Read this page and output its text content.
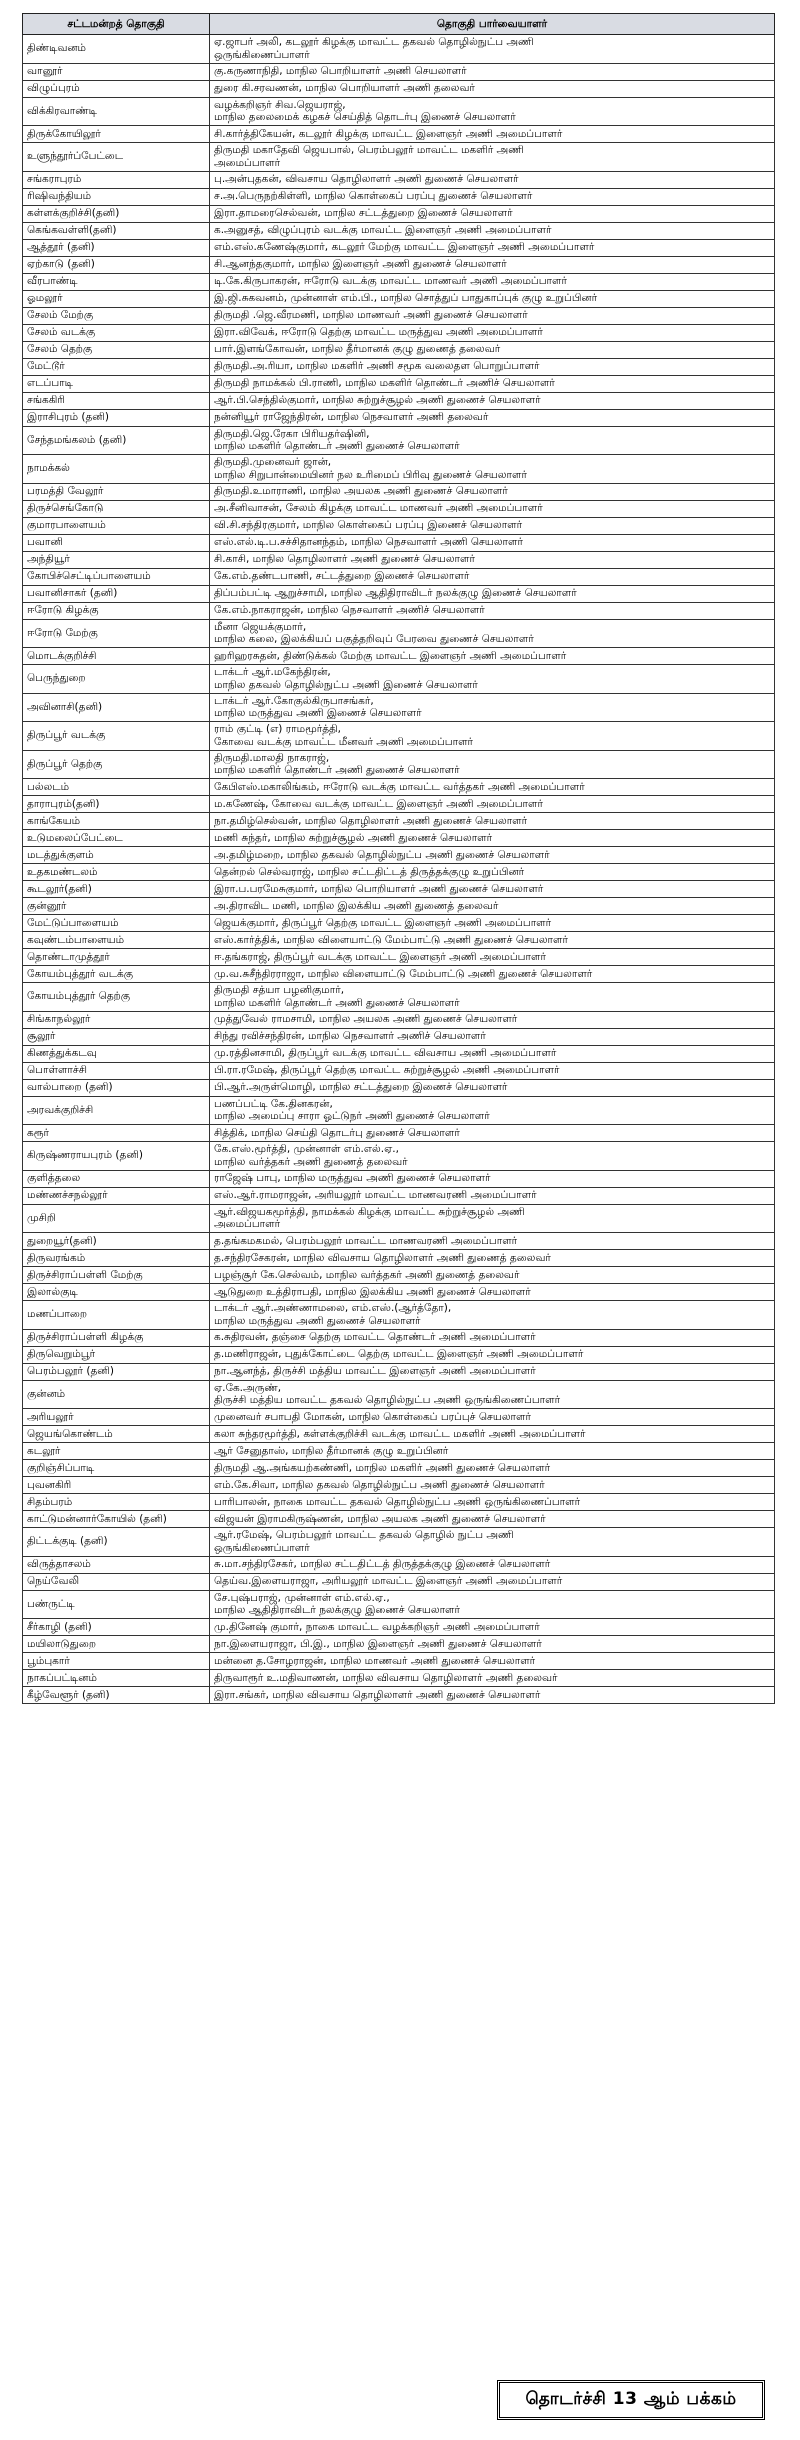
சட்டமன்றத் தொகுதி	தொகுதி பார்வையாளர்
திண்டிவனம்	ஏ.ஜாபர் அலி, கடலூர் கிழக்கு மாவட்ட தகவல் தொழில்நுட்ப அணி
ஒருங்கிணைப்பாளர்

வானூர்	கு.கருணாநிதி, மாநில பொறியாளர் அணி செயலாளர்

விழுப்புரம்	துரை கி.சரவணன், மாநில பொறியாளர் அணி தலைவர்

விக்கிரவாண்டி	வழக்கறிஞர் சிவ.ஜெயராஜ்,
மாநில தலைமைக் கழகச் செய்தித் தொடர்பு இணைச் செயலாளர்

திருக்கோயிலூர்	சி.கார்த்திகேயன், கடலூர் கிழக்கு மாவட்ட இளைஞர் அணி அமைப்பாளர்

உளுந்தூர்ப்பேட்டை	திருமதி மகாதேவி ஜெயபால், பெரம்பலூர் மாவட்ட மகளிர் அணி
அமைப்பாளர்

சங்கராபுரம்	பு.அன்புதகன், விவசாய தொழிலாளர் அணி துணைச் செயலாளர்

ரிஷிவந்தியம்	ச.அ.பெருநற்கிள்ளி, மாநில கொள்கைப் பரப்பு துணைச் செயலாளர்

கள்ளக்குறிச்சி(தனி)	இரா.தாமரைசெல்வன், மாநில சட்டத்துறை இணைச் செயலாளர்

கெங்கவள்ளி(தனி)	க.அனுசத், விழுப்புரம் வடக்கு மாவட்ட இளைஞர் அணி அமைப்பாளர்

ஆத்தூர் (தனி)	எம்.எஸ்.கணேஷ்குமார், கடலூர் மேற்கு மாவட்ட இளைஞர் அணி அமைப்பாளர்

ஏற்காடு (தனி)	சி.ஆனந்தகுமார், மாநில இளைஞர் அணி துணைச் செயலாளர்

வீரபாண்டி	டி.கே.கிருபாகரன், ஈரோடு வடக்கு மாவட்ட மாணவர் அணி அமைப்பாளர்

ஓமலூர்	இ.ஜி.சுகவனம், முன்னாள் எம்.பி., மாநில சொத்துப் பாதுகாப்புக் குழு உறுப்பினர்

சேலம் மேற்கு	திருமதி .ஜெ.வீரமணி, மாநில மாணவர் அணி துணைச் செயலாளர்

சேலம் வடக்கு	இரா.விவேக், ஈரோடு தெற்கு மாவட்ட மருத்துவ அணி அமைப்பாளர்

சேலம் தெற்கு	பார்.இளங்கோவன், மாநில தீர்மானக் குழு துணைத் தலைவர்

மேட்டூர்	திருமதி.அ.ரியா, மாநில மகளிர் அணி சமூக வலைதள பொறுப்பாளர்

எடப்பாடி	திருமதி நாமக்கல் பி.ராணி, மாநில மகளிர் தொண்டர் அணிச் செயலாளர்

சங்ககிரி	ஆர்.பி.செந்தில்குமார், மாநில சுற்றுச்சூழல் அணி துணைச் செயலாளர்

இராசிபுரம் (தனி)	நன்னியூர் ராஜேந்திரன், மாநில நெசவாளர் அணி தலைவர்

சேந்தமங்கலம் (தனி)	திருமதி.ஜெ.ரேகா பிரியதர்ஷினி,
மாநில மகளிர் தொண்டர் அணி துணைச் செயலாளர்

நாமக்கல்	திருமதி.முனைவர் ஜான்,
மாநில சிறுபான்மையினர் நல உரிமைப் பிரிவு துணைச் செயலாளர்

பரமத்தி வேலூர்	திருமதி.உமாராணி, மாநில அயலக அணி துணைச் செயலாளர்

திருச்செங்கோடு	அ.சீனிவாசன், சேலம் கிழக்கு மாவட்ட மாணவர் அணி அமைப்பாளர்

குமாரபாளையம்	வி.சி.சந்திரகுமார், மாநில கொள்கைப் பரப்பு இணைச் செயலாளர்

பவானி	எஸ்.எல்.டி.ப.சச்சிதானந்தம், மாநில நெசவாளர் அணி செயலாளர்

அந்தியூர்	சி.காசி, மாநில தொழிலாளர் அணி துணைச் செயலாளர்

கோபிச்செட்டிப்பாளையம்	கே.எம்.தண்டபாணி, சட்டத்துறை இணைச் செயலாளர்

பவானிசாகர் (தனி)	திப்பம்பட்டி ஆறுச்சாமி, மாநில ஆதிதிராவிடர் நலக்குழு இணைச் செயலாளர்

ஈரோடு கிழக்கு	கே.எம்.நாகராஜன், மாநில நெசவாளர் அணிச் செயலாளர்

ஈரோடு மேற்கு	மீனா ஜெயக்குமார்,
மாநில கலை, இலக்கியப் பகுத்தறிவுப் பேரவை துணைச் செயலாளர்

மொடக்குறிச்சி	ஹரிஹரசுதன், திண்டுக்கல் மேற்கு மாவட்ட இளைஞர் அணி அமைப்பாளர்

பெருந்துறை	டாக்டர் ஆர்.மகேந்திரன்,
மாநில தகவல் தொழில்நுட்ப அணி இணைச் செயலாளர்

அவினாசி(தனி)	டாக்டர் ஆர்.கோகுல்கிருபாசங்கர்,
மாநில மருத்துவ அணி இணைச் செயலாளர்

திருப்பூர் வடக்கு	ராம் குட்டி (எ) ராமமூர்த்தி,
கோவை வடக்கு மாவட்ட மீனவர் அணி அமைப்பாளர்

திருப்பூர் தெற்கு	திருமதி.மாலதி நாகராஜ்,
மாநில மகளிர் தொண்டர் அணி துணைச் செயலாளர்

பல்லடம்	கேபிஎஸ்.மகாலிங்கம், ஈரோடு வடக்கு மாவட்ட வர்த்தகர் அணி அமைப்பாளர்

தாராபுரம்(தனி)	ம.கணேஷ், கோவை வடக்கு மாவட்ட இளைஞர் அணி அமைப்பாளர்

காங்கேயம்	நா.தமிழ்செல்வன், மாநில தொழிலாளர் அணி துணைச் செயலாளர்

உடுமலைப்பேட்டை	மணி சுந்தர், மாநில சுற்றுச்சூழல் அணி துணைச் செயலாளர்

மடத்துக்குளம்	அ.தமிழ்மறை, மாநில தகவல் தொழில்நுட்ப அணி துணைச் செயலாளர்

உதகமண்டலம்	தென்றல் செல்வராஜ், மாநில சட்டதிட்டத் திருத்தக்குழு உறுப்பினர்

கூடலூர்(தனி)	இரா.ப.பரமேசுகுமார், மாநில பொறியாளர் அணி துணைச் செயலாளர்

குன்னூர்	அ.திராவிட மணி, மாநில இலக்கிய அணி துணைத் தலைவர்

மேட்டுப்பாளையம்	ஜெயக்குமார், திருப்பூர் தெற்கு மாவட்ட இளைஞர் அணி அமைப்பாளர்

கவுண்டம்பாளையம்	எஸ்.கார்த்திக், மாநில விளையாட்டு மேம்பாட்டு அணி துணைச் செயலாளர்

தொண்டாமுத்தூர்	ஈ.தங்கராஜ், திருப்பூர் வடக்கு மாவட்ட இளைஞர் அணி அமைப்பாளர்

கோயம்புத்தூர் வடக்கு	மு.வ.சுசீந்திரராஜா, மாநில விளையாட்டு மேம்பாட்டு அணி துணைச் செயலாளர்

கோயம்புத்தூர் தெற்கு	திருமதி சத்யா பழனிகுமார்,
மாநில மகளிர் தொண்டர் அணி துணைச் செயலாளர்

சிங்காநல்லூர்	முத்துவேல் ராமசாமி, மாநில அயலக அணி துணைச் செயலாளர்

சூலூர்	சிந்து ரவிச்சந்திரன், மாநில நெசவாளர் அணிச் செயலாளர்

கிணத்துக்கடவு	மு.ரத்தினசாமி, திருப்பூர் வடக்கு மாவட்ட விவசாய அணி அமைப்பாளர்

பொள்ளாச்சி	பி.ரா.ரமேஷ், திருப்பூர் தெற்கு மாவட்ட சுற்றுச்சூழல் அணி அமைப்பாளர்

வால்பாறை (தனி)	பி.ஆர்.அருள்மொழி, மாநில சட்டத்துறை இணைச் செயலாளர்

அரவக்குறிச்சி	பணப்பட்டி கே.தினகரன்,
மாநில அமைப்பு சாரா ஓட்டுநர் அணி துணைச் செயலாளர்

கரூர்	சித்திக், மாநில செய்தி தொடர்பு துணைச் செயலாளர்

கிருஷ்ணராயபுரம் (தனி)	கே.எஸ்.மூர்த்தி, முன்னாள் எம்.எல்.ஏ.,
மாநில வர்த்தகர் அணி துணைத் தலைவர்

குளித்தலை	ராஜேஷ் பாபு, மாநில மருத்துவ அணி துணைச் செயலாளர்

மண்ணச்சநல்லூர்	எஸ்.ஆர்.ராமராஜன், அரியலூர் மாவட்ட மாணவரணி அமைப்பாளர்

முசிறி	ஆர்.விஜயகமூர்த்தி, நாமக்கல் கிழக்கு மாவட்ட சுற்றுச்சூழல் அணி
அமைப்பாளர்

துறையூர்(தனி)	த.தங்கமகமல், பெரம்பலூர் மாவட்ட மாணவரணி அமைப்பாளர்

திருவரங்கம்	த.சந்திரசேகரன், மாநில விவசாய தொழிலாளர் அணி துணைத் தலைவர்

திருச்சிராப்பள்ளி மேற்கு	பழஞ்சூர் கே.செல்வம், மாநில வர்த்தகர் அணி துணைத் தலைவர்

இலால்குடி	ஆடுதுறை உத்திராபதி, மாநில இலக்கிய அணி துணைச் செயலாளர்

மணப்பாறை	டாக்டர் ஆர்.அண்ணாமலை, எம்.எஸ்.(ஆர்த்தோ),
மாநில மருத்துவ அணி துணைச் செயலாளர்

திருச்சிராப்பள்ளி கிழக்கு	க.சுதிரவன், தஞ்சை தெற்கு மாவட்ட தொண்டர் அணி அமைப்பாளர்

திருவெறும்பூர்	த.மணிராஜன், புதுக்கோட்டை தெற்கு மாவட்ட இளைஞர் அணி அமைப்பாளர்

பெரம்பலூர் (தனி)	நா.ஆனந்த், திருச்சி மத்திய மாவட்ட இளைஞர் அணி அமைப்பாளர்

குன்னம்	ஏ.கே.அருண்,
திருச்சி மத்திய மாவட்ட தகவல் தொழில்நுட்ப அணி ஒருங்கிணைப்பாளர்

அரியலூர்	முனைவர் சபாபதி மோகன், மாநில கொள்கைப் பரப்புச் செயலாளர்

ஜெயங்கொண்டம்	கலா சுந்தரமூர்த்தி, கள்ளக்குறிச்சி வடக்கு மாவட்ட மகளிர் அணி அமைப்பாளர்

கடலூர்	ஆர் சேனுதாஸ், மாநில தீர்மானக் குழு உறுப்பினர்

குறிஞ்சிப்பாடி	திருமதி ஆ.அங்கயற்கண்ணி, மாநில மகளிர் அணி துணைச் செயலாளர்

புவனகிரி	எம்.கே.சிவா, மாநில தகவல் தொழில்நுட்ப அணி துணைச் செயலாளர்

சிதம்பரம்	பாரிபாலன், நாகை மாவட்ட தகவல் தொழில்நுட்ப அணி ஒருங்கிணைப்பாளர்

காட்டுமன்னார்கோயில் (தனி)	விஜயன் இராமகிருஷ்ணன், மாநில அயலக அணி துணைச் செயலாளர்

திட்டக்குடி (தனி)	ஆர்.ரமேஷ், பெரம்பலூர் மாவட்ட தகவல் தொழில் நுட்ப அணி
ஒருங்கிணைப்பாளர்

விருத்தாசலம்	சு.மா.சந்திரசேகர், மாநில சட்டதிட்டத் திருத்தக்குழு இணைச் செயலாளர்

நெய்வேலி	தெய்வ.இளையராஜா, அரியலூர் மாவட்ட இளைஞர் அணி அமைப்பாளர்

பண்ருட்டி	சே.புஷ்பராஜ், முன்னாள் எம்.எல்.ஏ.,
மாநில ஆதிதிராவிடர் நலக்குழு இணைச் செயலாளர்

சீர்காழி (தனி)	மு.தினேஷ் குமார், நாகை மாவட்ட வழக்கறிஞர் அணி அமைப்பாளர்

மயிலாடுதுறை	நா.இளையராஜா, பி.இ., மாநில இளைஞர் அணி துணைச் செயலாளர்

பூம்புகார்	மன்னை த.சோழராஜன், மாநில மாணவர் அணி துணைச் செயலாளர்

நாகப்பட்டினம்	திருவாரூர் உ.மதிவாணன், மாநில விவசாய தொழிலாளர் அணி தலைவர்

கீழ்வேளூர் (தனி)	இரா.சங்கர், மாநில விவசாய தொழிலாளர் அணி துணைச் செயலாளர்
தொடர்ச்சி 13 ஆம் பக்கம்
